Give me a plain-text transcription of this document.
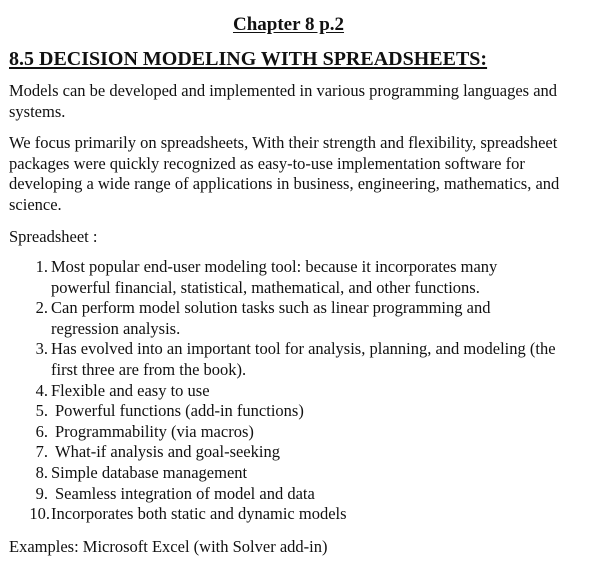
Chapter 8 p.2
8.5 DECISION MODELING WITH SPREADSHEETS:

Models can be developed and implemented in various programming languages and systems.

We focus primarily on spreadsheets, With their strength and flexibility, spreadsheet packages were quickly recognized as easy-to-use implementation software for developing a wide range of applications in business, engineering, mathematics, and science.

Spreadsheet :

1. Most popular end-user modeling tool: because it incorporates many powerful financial, statistical, mathematical, and other functions.
2. Can perform model solution tasks such as linear programming and regression analysis.
3. Has evolved into an important tool for analysis, planning, and modeling (the first three are from the book).
4. Flexible and easy to use
5. Powerful functions (add-in functions)
6. Programmability (via macros)
7. What-if analysis and goal-seeking
8. Simple database management
9. Seamless integration of model and data
10. Incorporates both static and dynamic models

Examples: Microsoft Excel (with Solver add-in)
